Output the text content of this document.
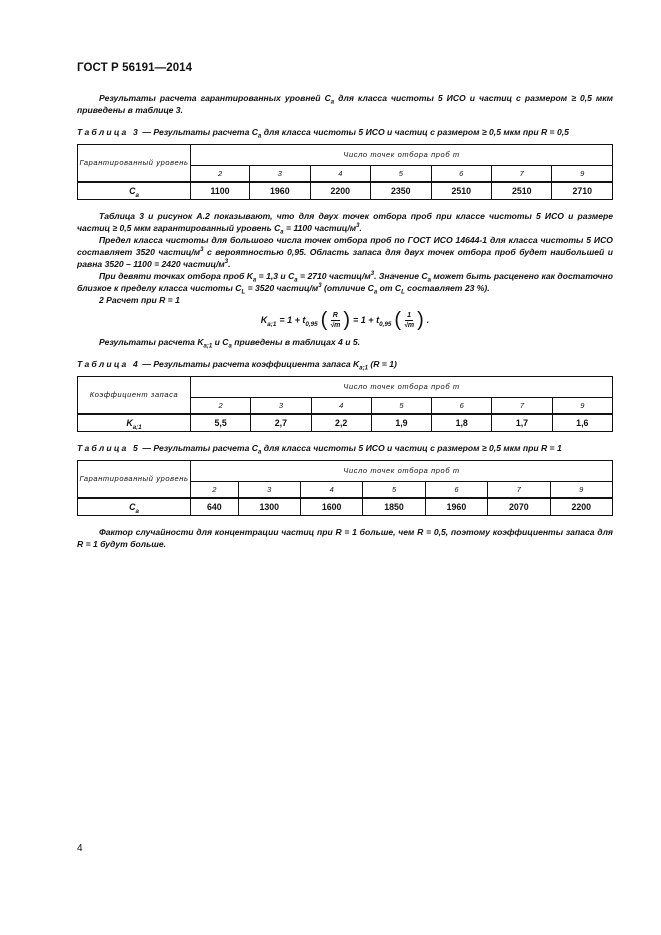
ГОСТ Р 56191—2014

Результаты расчета гарантированных уровней $C_a$ для класса чистоты 5 ИСО и частиц с размером ≥ 0,5 мкм приведены в таблице 3.

Таблица 3 — Результаты расчета $C_a$ для класса чистоты 5 ИСО и частиц с размером ≥ 0,5 мкм при R = 0,5

Гарантированный уровень	Число точек отбора проб m						
	2	3	4	5	6	7	9
$C_a$	1100	1960	2200	2350	2510	2510	2710

Таблица 3 и рисунок А.2 показывают, что для двух точек отбора проб при классе чистоты 5 ИСО и размере частиц ≥ 0,5 мкм гарантированный уровень $C_a = 1100$ частиц/$м^3$.

Предел класса чистоты для большого числа точек отбора проб по ГОСТ ИСО 14644-1 для класса чистоты 5 ИСО составляет 3520 частиц/$м^3$ с вероятностью 0,95. Область запаса для двух точек отбора проб будет наибольшей и равна 3520 – 1100 = 2420 частиц/$м^3$.

При девяти точках отбора проб $K_a = 1,3$ и $C_a = 2710$ частиц/$м^3$. Значение $C_a$ может быть расценено как достаточно близкое к пределу класса чистоты $C_L = 3520$ частиц/$м^3$ (отличие $C_a$ от $C_L$ составляет 23 %).

2 Расчет при R = 1

$K_{a;1} = 1 + t_{0,95}$ ( $\frac{R}{√m}$ ) = $1 + t_{0,95}$ ( $\frac{1}{√m}$ ) .

Результаты расчета $K_{a;1}$ и $C_a$ приведены в таблицах 4 и 5.

Таблица 4 — Результаты расчета коэффициента запаса $K_{a;1}$ (R = 1)

Коэффициент запаса	Число точек отбора проб m						
	2	3	4	5	6	7	9
$K_{a;1}$	5,5	2,7	2,2	1,9	1,8	1,7	1,6

Таблица 5 — Результаты расчета $C_a$ для класса чистоты 5 ИСО и частиц с размером ≥ 0,5 мкм при R = 1

Гарантированный уровень	Число точек отбора проб m						
	2	3	4	5	6	7	9
$C_a$	640	1300	1600	1850	1960	2070	2200

Фактор случайности для концентрации частиц при R = 1 больше, чем R = 0,5, поэтому коэффициенты запаса для R = 1 будут больше.

4
